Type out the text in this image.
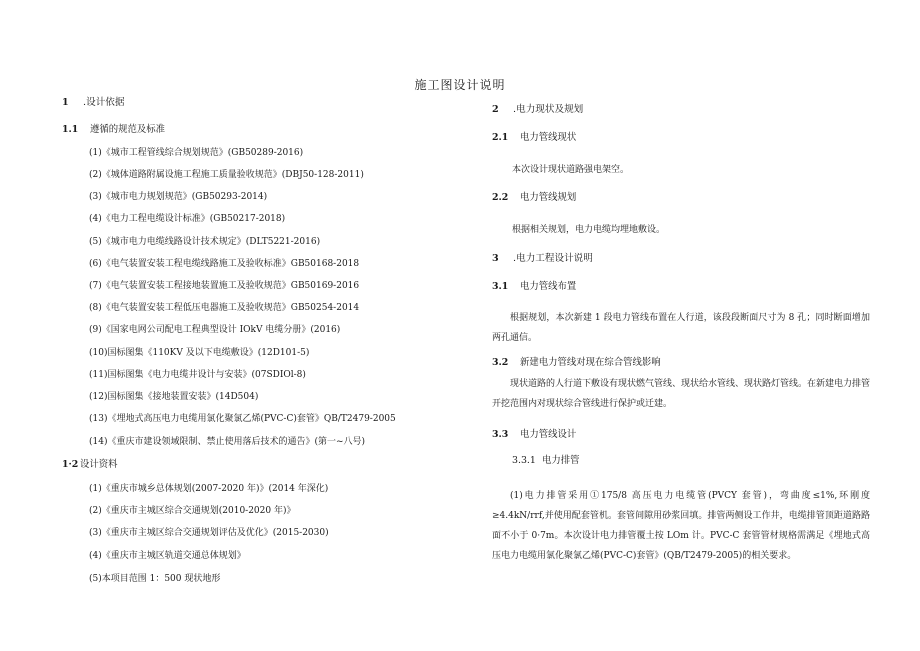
施工图设计说明
1 .设计依据
1.1 遵循的规范及标准
(1)《城市工程管线综合规划规范》(GB50289-2016)
(2)《城体道路附属设施工程施工质量验收规范》(DBJ50-128-2011)
(3)《城市电力规划规范》(GB50293-2014)
(4)《电力工程电缆设计标准》(GB50217-2018)
(5)《城市电力电缆线路设计技术规定》(DLT5221-2016)
(6)《电气装置安装工程电缆线路施工及验收标准》GB50168-2018
(7)《电气装置安装工程接地装置施工及验收规范》GB50169-2016
(8)《电气装置安装工程低压电器施工及验收规范》GB50254-2014
(9)《国家电网公司配电工程典型设计 IOkV 电缆分册》(2016)
(10)国标图集《110KV 及以下电缆敷设》(12D101-5)
(11)国标图集《电力电缆井设计与安装》(07SDIOl-8)
(12)国标图集《接地装置安装》(14D504)
(13)《埋地式高压电力电缆用氯化聚氯乙烯(PVC-C)套管》QB/T2479-2005
(14)《重庆市建设领域限制、禁止使用落后技术的通告》(第一~八号)
1·2 设计资料
(1)《重庆市城乡总体规划(2007-2020 年)》(2014 年深化)
(2)《重庆市主城区综合交通规划(2010-2020 年)》
(3)《重庆市主城区综合交通规划评估及优化》(2015-2030)
(4)《重庆市主城区轨道交通总体规划》
(5)本项目范围 1：500 现状地形
2 .电力现状及规划
2.1 电力管线现状
本次设计现状道路强电架空。
2.2 电力管线规划
根据相关规划，电力电缆均埋地敷设。
3 .电力工程设计说明
3.1 电力管线布置
根据规划，本次新建 1 段电力管线布置在人行道，该段段断面尺寸为 8 孔；同时断面增加两孔通信。
3.2 新建电力管线对现在综合管线影响
现状道路的人行道下敷设有现状燃气管线、现状给水管线、现状路灯管线。在新建电力排管开挖范围内对现状综合管线进行保护或迁建。
3.3 电力管线设计
3.3.1 电力排管
(1)电力排管采用①175/8 高压电力电缆管(PVCY 套管)，弯曲度≤1%,环刚度≥4.4kN/rrf,并使用配套管机。套管间隙用砂浆回填。排管两侧设工作井，电缆排管顶距道路路面不小于 0·7m。本次设计电力排管覆土按 LOm 计。PVC-C 套管管材规格需满足《埋地式高压电力电缆用氯化聚氯乙烯(PVC-C)套管》(QB/T2479-2005)的相关要求。
